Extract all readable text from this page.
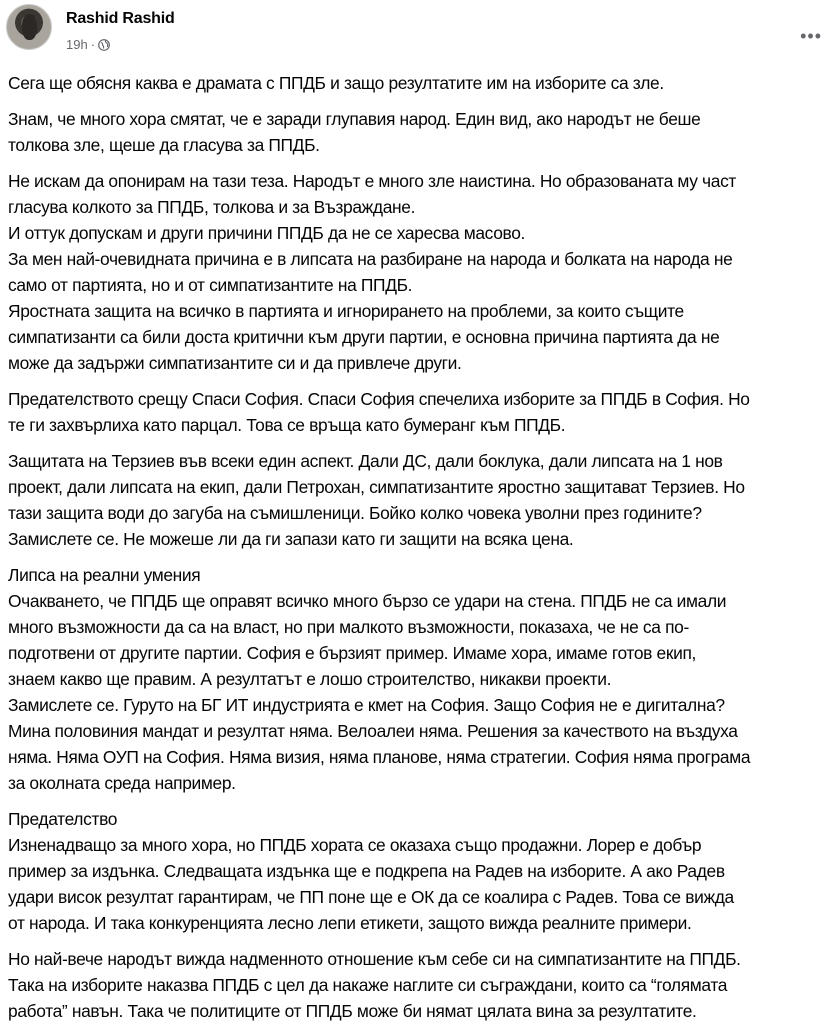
Rashid Rashid
19h ·	•••
Сега ще обясня каква е драмата с ППДБ и защо резултатите им на изборите са зле.
Знам, че много хора смятат, че е заради глупавия народ. Един вид, ако народът не беше
толкова зле, щеше да гласува за ППДБ.
Не искам да опонирам на тази теза. Народът е много зле наистина. Но образованата му част
гласува колкото за ППДБ, толкова и за Възраждане.
И оттук допускам и други причини ППДБ да не се харесва масово.
За мен най-очевидната причина е в липсата на разбиране на народа и болката на народа не
само от партията, но и от симпатизантите на ППДБ.
Яростната защита на всичко в партията и игнорирането на проблеми, за които същите
симпатизанти са били доста критични към други партии, е основна причина партията да не
може да задържи симпатизантите си и да привлече други.
Предателството срещу Спаси София. Спаси София спечелиха изборите за ППДБ в София. Но
те ги захвърлиха като парцал. Това се връща като бумеранг към ППДБ.
Защитата на Терзиев във всеки един аспект. Дали ДС, дали боклука, дали липсата на 1 нов
проект, дали липсата на екип, дали Петрохан, симпатизантите яростно защитават Терзиев. Но
тази защита води до загуба на съмишленици. Бойко колко човека уволни през годините?
Замислете се. Не можеше ли да ги запази като ги защити на всяка цена.
Липса на реални умения
Очакването, че ППДБ ще оправят всичко много бързо се удари на стена. ППДБ не са имали
много възможности да са на власт, но при малкото възможности, показаха, че не са по-
подготвени от другите партии. София е бързият пример. Имаме хора, имаме готов екип,
знаем какво ще правим. А резултатът е лошо строителство, никакви проекти.
Замислете се. Гуруто на БГ ИТ индустрията е кмет на София. Защо София не е дигитална?
Мина половиния мандат и резултат няма. Велоалеи няма. Решения за качеството на въздуха
няма. Няма ОУП на София. Няма визия, няма планове, няма стратегии. София няма програма
за околната среда например.
Предателство
Изненадващо за много хора, но ППДБ хората се оказаха също продажни. Лорер е добър
пример за издънка. Следващата издънка ще е подкрепа на Радев на изборите. А ако Радев
удари висок резултат гарантирам, че ПП поне ще е ОК да се коалира с Радев. Това се вижда
от народа. И така конкуренцията лесно лепи етикети, защото вижда реалните примери.
Но най-вече народът вижда надменното отношение към себе си на симпатизантите на ППДБ.
Така на изборите наказва ППДБ с цел да накаже наглите си съграждани, които са “голямата
работа” навън. Така че политиците от ППДБ може би нямат цялата вина за резултатите.
